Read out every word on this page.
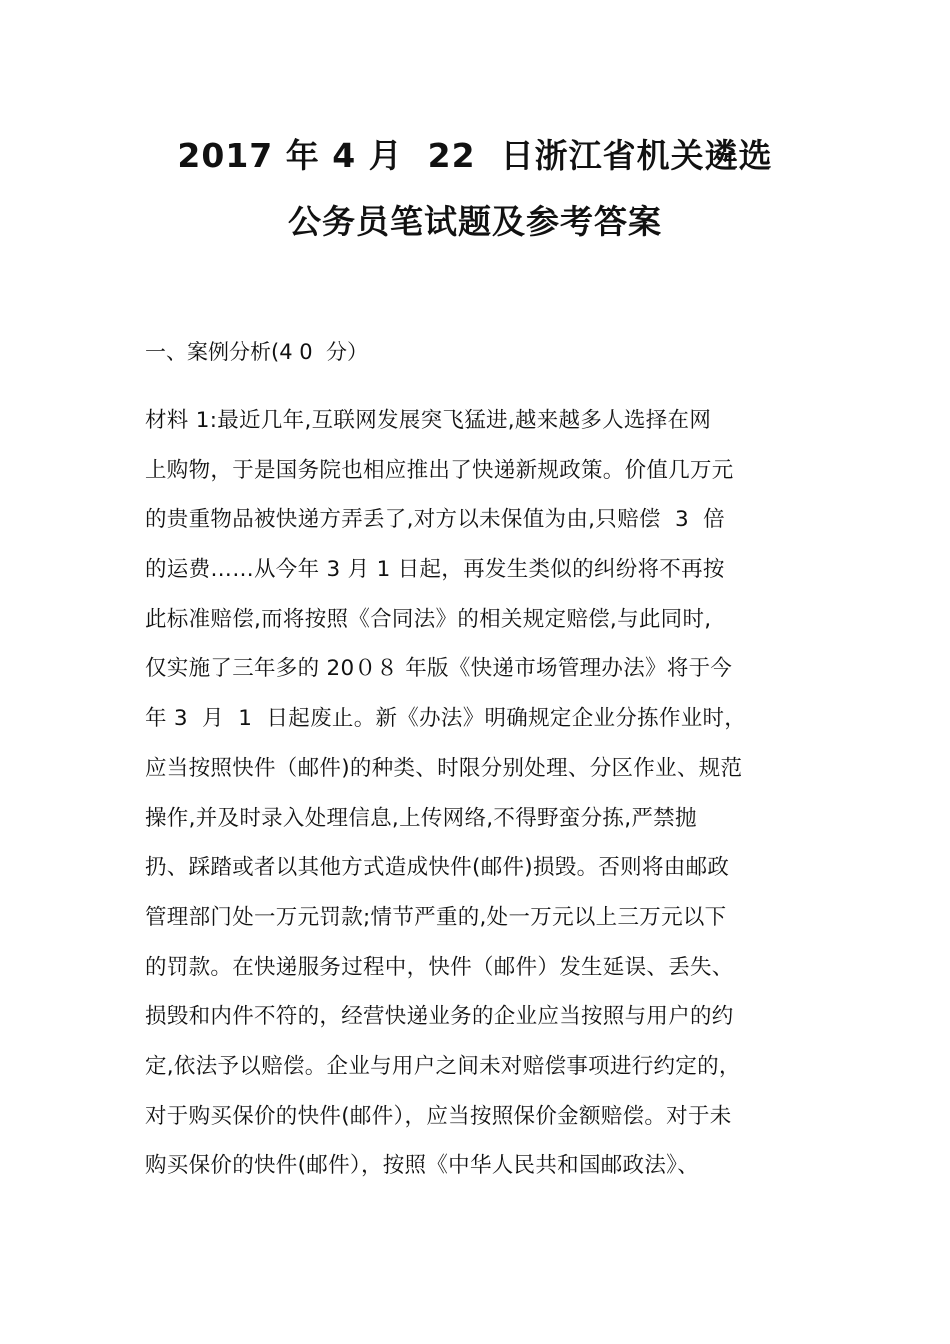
2017 年 4 月  22  日浙江省机关遴选
公务员笔试题及参考答案
一、案例分析(4 0  分）
材料 1:最近几年,互联网发展突飞猛进,越来越多人选择在网
上购物，于是国务院也相应推出了快递新规政策。价值几万元
的贵重物品被快递方弄丢了,对方以未保值为由,只赔偿  3  倍
的运费……从今年 3 月 1 日起，再发生类似的纠纷将不再按
此标准赔偿,而将按照《合同法》的相关规定赔偿,与此同时,
仅实施了三年多的 20０８ 年版《快递市场管理办法》将于今
年 3  月  1  日起废止。新《办法》明确规定企业分拣作业时，
应当按照快件（邮件)的种类、时限分别处理、分区作业、规范
操作,并及时录入处理信息,上传网络,不得野蛮分拣,严禁抛
扔、踩踏或者以其他方式造成快件(邮件)损毁。否则将由邮政
管理部门处一万元罚款;情节严重的,处一万元以上三万元以下
的罚款。在快递服务过程中，快件（邮件）发生延误、丢失、
损毁和内件不符的，经营快递业务的企业应当按照与用户的约
定,依法予以赔偿。企业与用户之间未对赔偿事项进行约定的，
对于购买保价的快件(邮件），应当按照保价金额赔偿。对于未
购买保价的快件(邮件），按照《中华人民共和国邮政法》、
